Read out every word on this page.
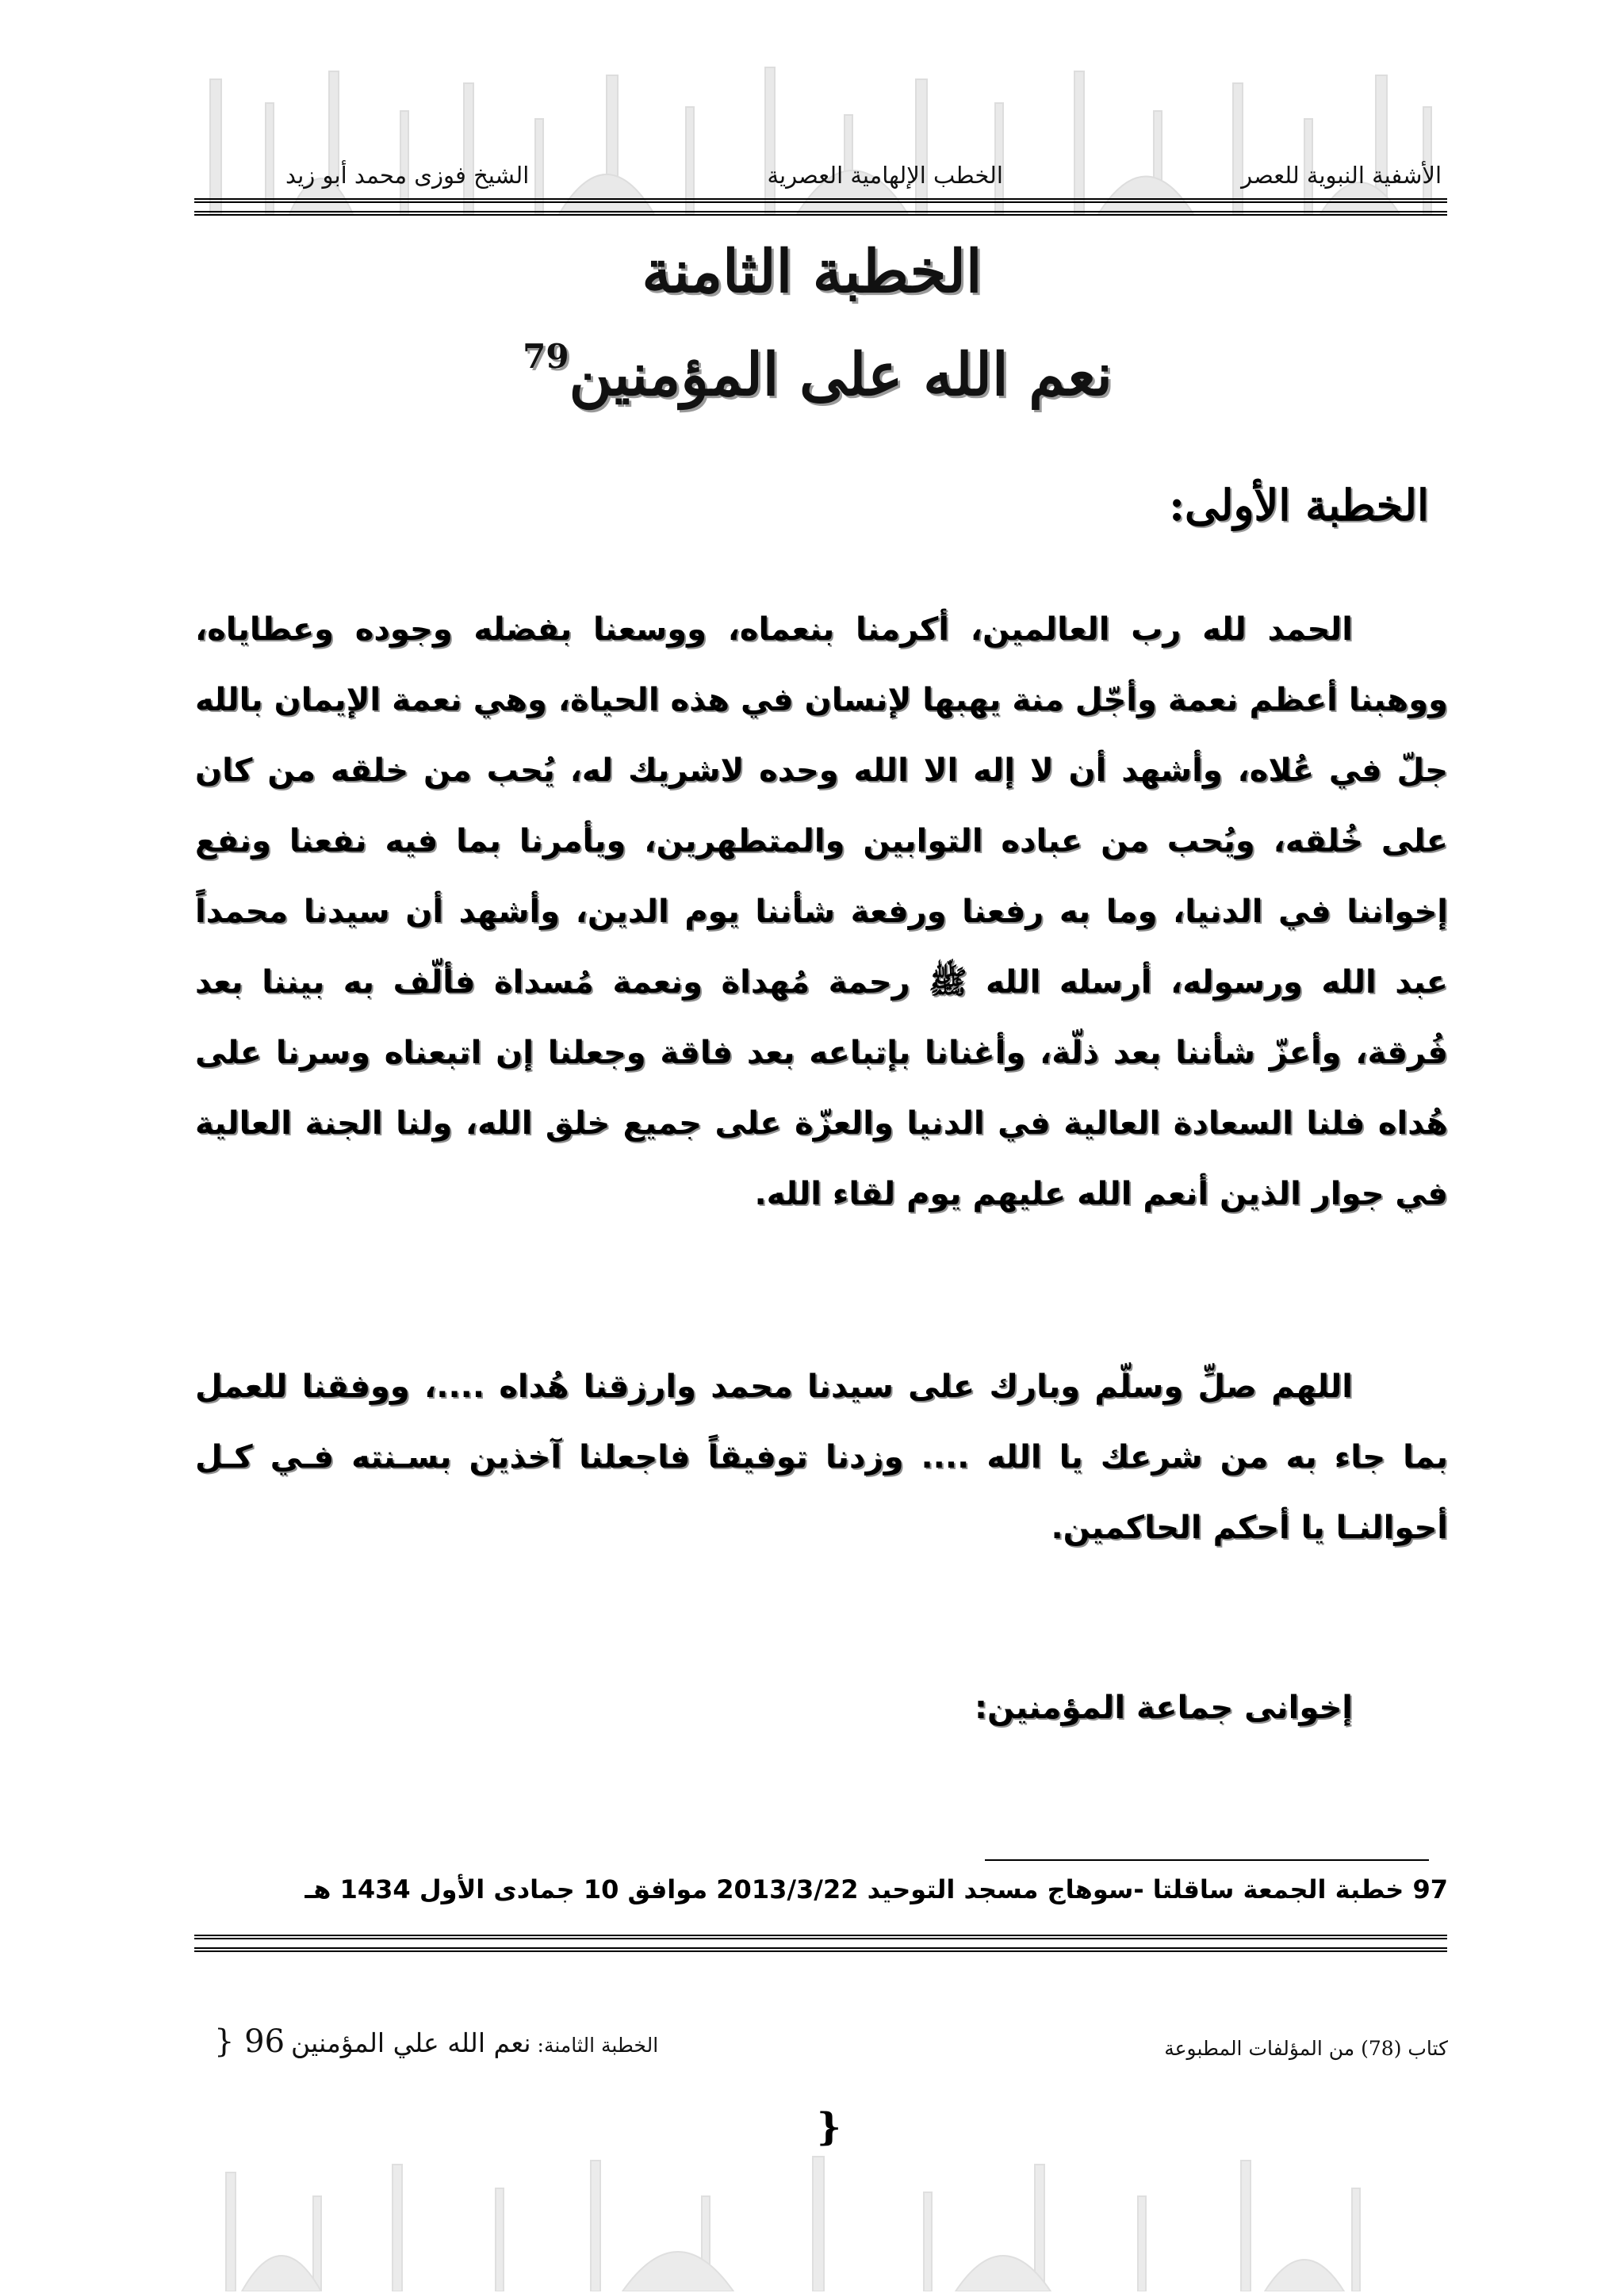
الشيخ فوزى محمد أبو زيد	الخطب الإلهامية العصرية	الأشفية النبوية للعصر
الخطبة الثامنة
نعم الله على المؤمنين$^{79}$
الخطبة الأولى:
الحمد لله رب العالمين، أكرمنا بنعماه، ووسعنا بفضله وجوده وعطاياه، ووهبنا أعظم نعمة وأجّل منة يهبها لإنسان في هذه الحياة، وهي نعمة الإيمان بالله جلّ في عُلاه، وأشهد أن لا إله الا الله وحده لاشريك له، يُحب من خلقه من كان على خُلقه، ويُحب من عباده التوابين والمتطهرين، ويأمرنا بما فيه نفعنا ونفع إخواننا في الدنيا، وما به رفعنا ورفعة شأننا يوم الدين، وأشهد أن سيدنا محمداً عبد الله ورسوله، أرسله الله ﷺ رحمة مُهداة ونعمة مُسداة فألّف به بيننا بعد فُرقة، وأعزّ شأننا بعد ذلّة، وأغنانا بإتباعه بعد فاقة وجعلنا إن اتبعناه وسرنا على هُداه فلنا السعادة العالية في الدنيا والعزّة على جميع خلق الله، ولنا الجنة العالية في جوار الذين أنعم الله عليهم يوم لقاء الله.
اللهم صلِّ وسلّم وبارك على سيدنا محمد وارزقنا هُداه ....، ووفقنا للعمل بما جاء به من شرعك يا الله .... وزدنا توفيقاً فاجعلنا آخذين بسـنته فـي كـل أحوالنـا يا أحكم الحاكمين.
إخوانى جماعة المؤمنين:
97 خطبة الجمعة ساقلتا -سوهاج مسجد التوحيد 2013/3/22 موافق 10 جمادى الأول 1434 هـ
كتاب (78) من المؤلفات المطبوعة
الخطبة الثامنة: نعم الله علي المؤمنين 96 {
}
